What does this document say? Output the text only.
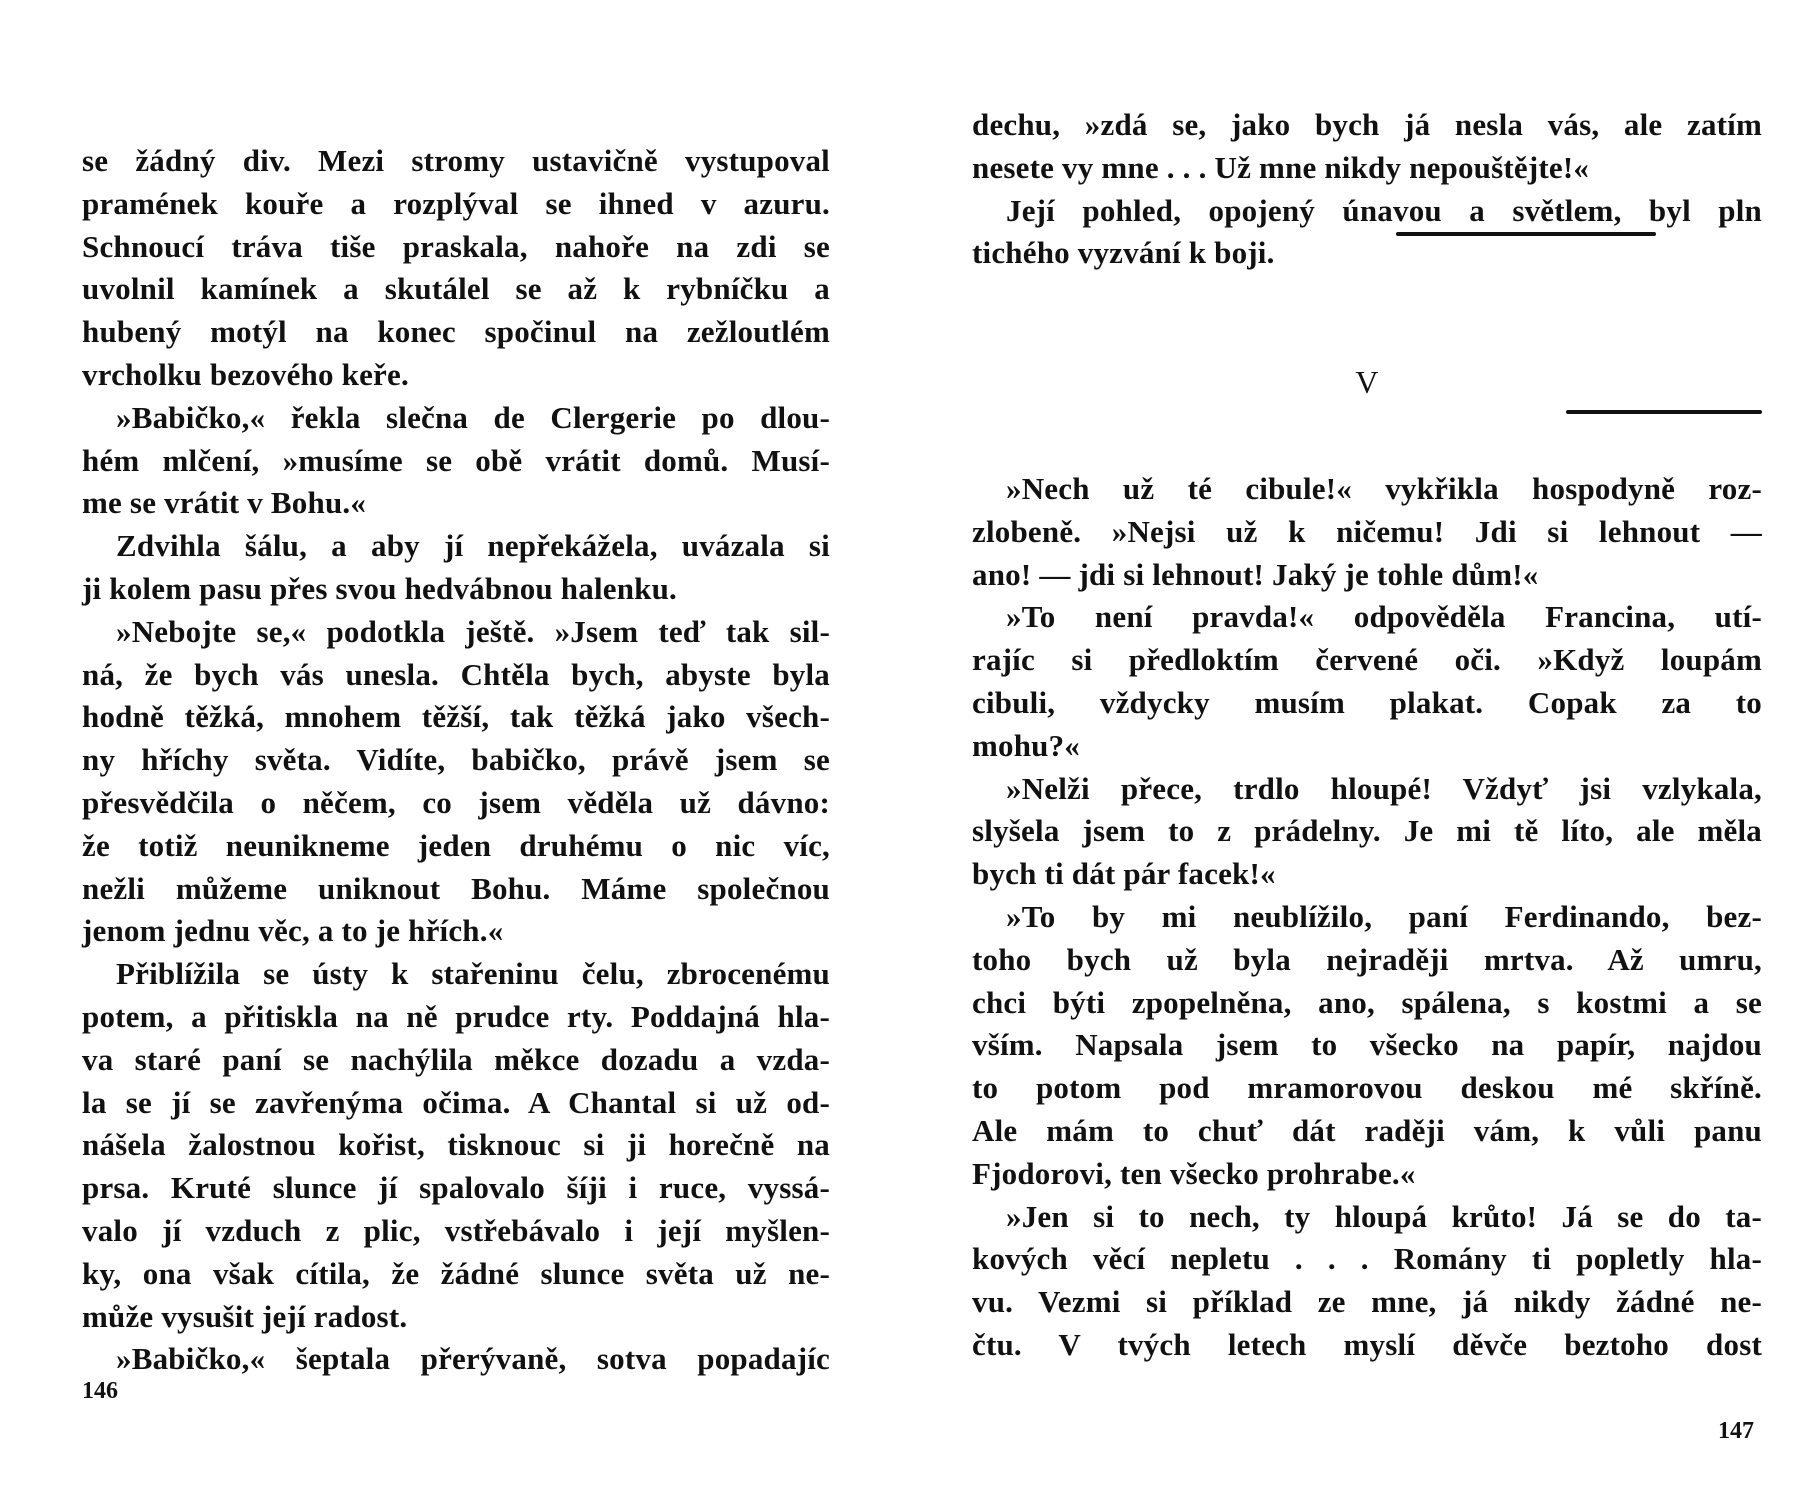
se žádný div. Mezi stromy ustavičně vystupoval
pramének kouře a rozplýval se ihned v azuru.
Schnoucí tráva tiše praskala, nahoře na zdi se
uvolnil kamínek a skutálel se až k rybníčku a
hubený motýl na konec spočinul na zežloutlém
vrcholku bezového keře.
»Babičko,« řekla slečna de Clergerie po dlou-
hém mlčení, »musíme se obě vrátit domů. Musí-
me se vrátit v Bohu.«
Zdvihla šálu, a aby jí nepřekážela, uvázala si
ji kolem pasu přes svou hedvábnou halenku.
»Nebojte se,« podotkla ještě. »Jsem teď tak sil-
ná, že bych vás unesla. Chtěla bych, abyste byla
hodně těžká, mnohem těžší, tak těžká jako všech-
ny hříchy světa. Vidíte, babičko, právě jsem se
přesvědčila o něčem, co jsem věděla už dávno:
že totiž neunikneme jeden druhému o nic víc,
nežli můžeme uniknout Bohu. Máme společnou
jenom jednu věc, a to je hřích.«
Přiblížila se ústy k stařeninu čelu, zbrocenému
potem, a přitiskla na ně prudce rty. Poddajná hla-
va staré paní se nachýlila měkce dozadu a vzda-
la se jí se zavřenýma očima. A Chantal si už od-
nášela žalostnou kořist, tisknouc si ji horečně na
prsa. Kruté slunce jí spalovalo šíji i ruce, vyssá-
valo jí vzduch z plic, vstřebávalo i její myšlen-
ky, ona však cítila, že žádné slunce světa už ne-
může vysušit její radost.
»Babičko,« šeptala přerývaně, sotva popadajíc
146
dechu, »zdá se, jako bych já nesla vás, ale zatím
nesete vy mne . . . Už mne nikdy nepouštějte!«
Její pohled, opojený únavou a světlem, byl pln
tichého vyzvání k boji.
V
»Nech už té cibule!« vykřikla hospodyně roz-
zlobeně. »Nejsi už k ničemu! Jdi si lehnout —
ano! — jdi si lehnout! Jaký je tohle dům!«
»To není pravda!« odpověděla Francina, utí-
rajíc si předloktím červené oči. »Když loupám
cibuli, vždycky musím plakat. Copak za to
mohu?«
»Nelži přece, trdlo hloupé! Vždyť jsi vzlykala,
slyšela jsem to z prádelny. Je mi tě líto, ale měla
bych ti dát pár facek!«
»To by mi neublížilo, paní Ferdinando, bez-
toho bych už byla nejraději mrtva. Až umru,
chci býti zpopelněna, ano, spálena, s kostmi a se
vším. Napsala jsem to všecko na papír, najdou
to potom pod mramorovou deskou mé skříně.
Ale mám to chuť dát raději vám, k vůli panu
Fjodorovi, ten všecko prohrabe.«
»Jen si to nech, ty hloupá krůto! Já se do ta-
kových věcí nepletu . . . Romány ti popletly hla-
vu. Vezmi si příklad ze mne, já nikdy žádné ne-
čtu. V tvých letech myslí děvče beztoho dost
147
